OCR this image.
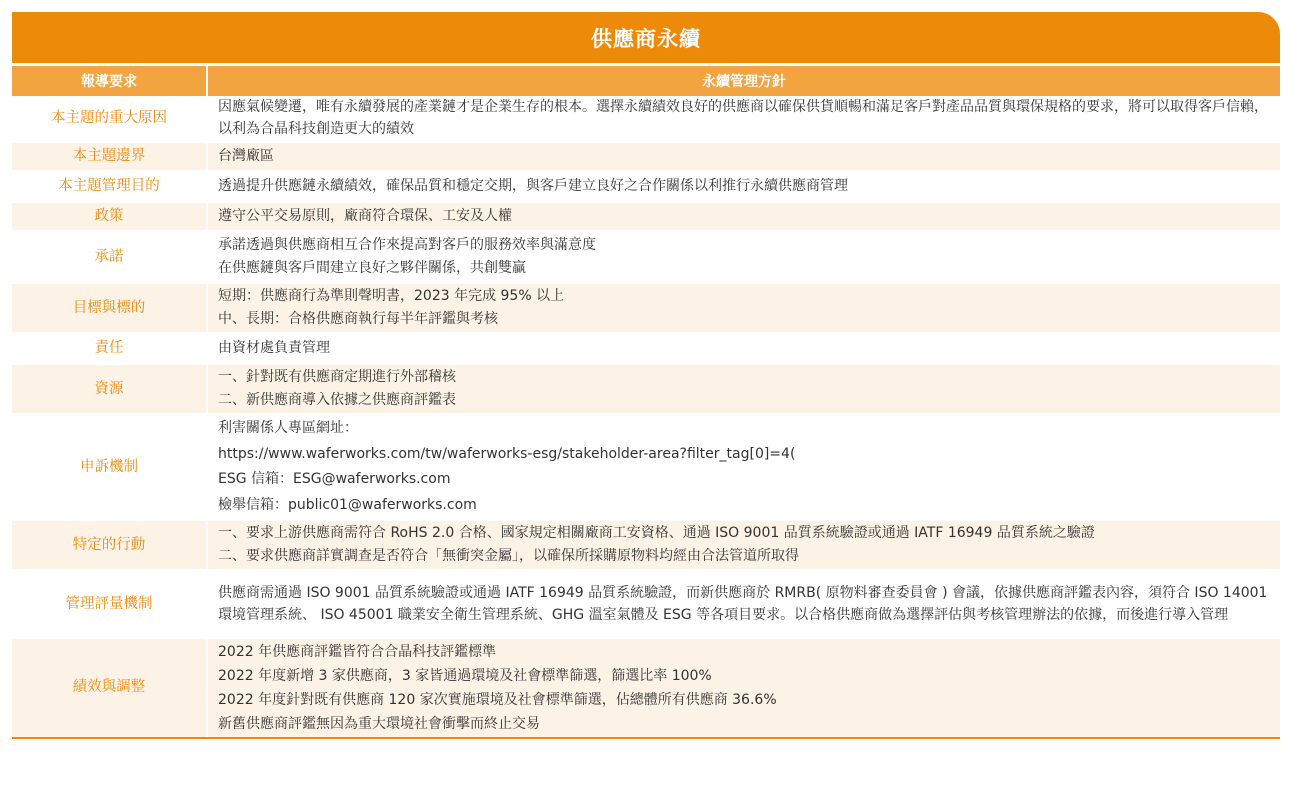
供應商永續
報導要求	永續管理方針
本主題的重大原因	因應氣候變遷，唯有永續發展的產業鏈才是企業生存的根本。選擇永續績效良好的供應商以確保供貨順暢和滿足客戶對產品品質與環保規格的要求，將可以取得客戶信賴，以利為合晶科技創造更大的績效

本主題邊界	台灣廠區

本主題管理目的	透過提升供應鏈永續績效，確保品質和穩定交期，與客戶建立良好之合作關係以利推行永續供應商管理

政策	遵守公平交易原則，廠商符合環保、工安及人權

承諾	承諾透過與供應商相互合作來提高對客戶的服務效率與滿意度
在供應鏈與客戶間建立良好之夥伴關係，共創雙贏

目標與標的	短期：供應商行為準則聲明書，2023 年完成 95% 以上
中、長期：合格供應商執行每半年評鑑與考核

責任	由資材處負責管理

資源	一、針對既有供應商定期進行外部稽核
二、新供應商導入依據之供應商評鑑表

申訴機制	利害關係人專區網址：
https://www.waferworks.com/tw/waferworks-esg/stakeholder-area?filter_tag[0]=4(
ESG 信箱：ESG@waferworks.com
檢舉信箱：public01@waferworks.com

特定的行動	一、要求上游供應商需符合 RoHS 2.0 合格、國家規定相關廠商工安資格、通過 ISO 9001 品質系統驗證或通過 IATF 16949 品質系統之驗證
二、要求供應商詳實調查是否符合「無衝突金屬」，以確保所採購原物料均經由合法管道所取得

管理評量機制	供應商需通過 ISO 9001 品質系統驗證或通過 IATF 16949 品質系統驗證，而新供應商於 RMRB( 原物料審查委員會 ) 會議，依據供應商評鑑表內容，須符合 ISO 14001 環境管理系統、 ISO 45001 職業安全衛生管理系統、GHG 溫室氣體及 ESG 等各項目要求。以合格供應商做為選擇評估與考核管理辦法的依據，而後進行導入管理

績效與調整	2022 年供應商評鑑皆符合合晶科技評鑑標準
2022 年度新增 3 家供應商，3 家皆通過環境及社會標準篩選，篩選比率 100%
2022 年度針對既有供應商 120 家次實施環境及社會標準篩選，佔總體所有供應商 36.6%
新舊供應商評鑑無因為重大環境社會衝擊而終止交易
